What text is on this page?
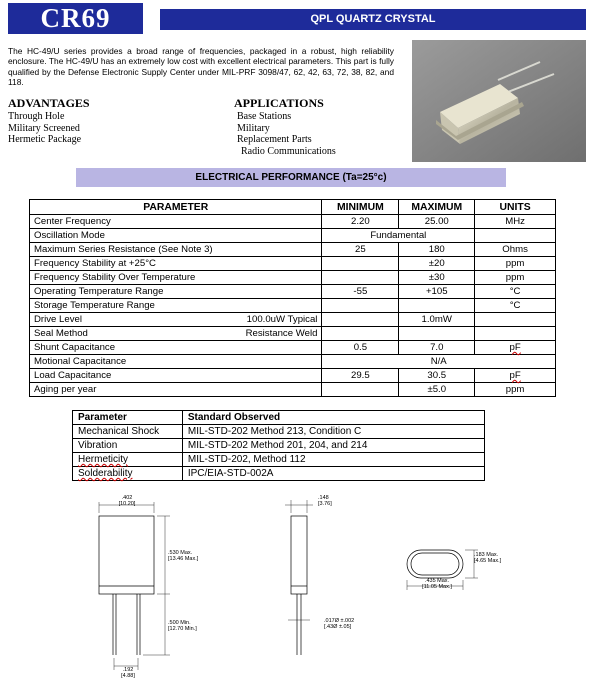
CR69	QPL QUARTZ CRYSTAL
The HC-49/U series provides a broad range of frequencies, packaged in a robust, high reliability enclosure. The HC-49/U has an extremely low cost with excellent electrical parameters. This part is fully qualified by the Defense Electronic Supply Center under MIL-PRF 3098/47, 62, 42, 63, 72, 38, 82, and 118.
ADVANTAGES
Through Hole
Military Screened
Hermetic Package
APPLICATIONS
Base Stations
Military
Replacement Parts
Radio Communications
ELECTRICAL PERFORMANCE (Ta=25°c)
PARAMETER	MINIMUM	MAXIMUM	UNITS
Center Frequency	2.20	25.00	MHz
Oscillation Mode	Fundamental		
Maximum Series Resistance (See Note 3)	25	180	Ohms
Frequency Stability at +25°C		±20	ppm
Frequency Stability Over Temperature		±30	ppm
Operating Temperature Range	-55	+105	°C
Storage Temperature Range			°C
Drive Level 100.0uW Typical		1.0mW	
Seal Method Resistance Weld			

Shunt Capacitance	0.5	7.0	pF
Motional Capacitance	N/A		
Load Capacitance	29.5	30.5	pF
Aging per year		±5.0	ppm
Parameter	Standard Observed
Mechanical Shock	MIL-STD-202 Method 213, Condition C
Vibration	MIL-STD-202 Method 201, 204, and 214
Hermeticity	MIL-STD-202, Method 112
Solderability	IPC/EIA-STD-002A
.402
[10.20]
.530 Max.
[13.46 Max.]
.500 Min.
[12.70 Min.]
.192
[4.88]
.148
[3.76]
.017Ø ±.002
[.43Ø ±.05]
.183 Max.
[4.65 Max.]
.435 Max.
[11.05 Max.]
